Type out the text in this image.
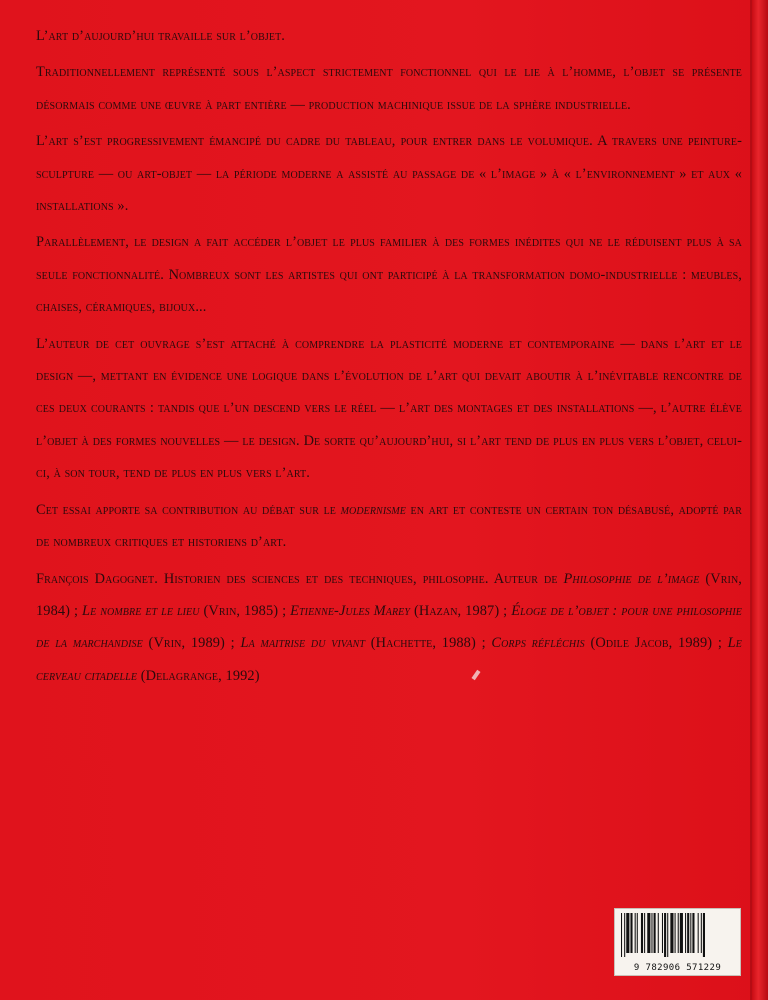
L’art d’aujourd’hui travaille sur l’objet.

Traditionnellement représenté sous l’aspect strictement fonctionnel qui le lie à l’homme, l’objet se présente désormais comme une œuvre à part entière — production machinique issue de la sphère industrielle.

L’art s’est progressivement émancipé du cadre du tableau, pour entrer dans le volumique. A travers une peinture-sculpture — ou art-objet — la période moderne a assisté au passage de « l’image » à « l’environnement » et aux « installations ».

Parallèlement, le design a fait accéder l’objet le plus familier à des formes inédites qui ne le réduisent plus à sa seule fonctionnalité. Nombreux sont les artistes qui ont participé à la transformation domo-industrielle : meubles, chaises, céramiques, bijoux...

L’auteur de cet ouvrage s’est attaché à comprendre la plasticité moderne et contemporaine — dans l’art et le design —, mettant en évidence une logique dans l’évolution de l’art qui devait aboutir à l’inévitable rencontre de ces deux courants : tandis que l’un descend vers le réel — l’art des montages et des installations —, l’autre élève l’objet à des formes nouvelles — le design. De sorte qu’aujourd’hui, si l’art tend de plus en plus vers l’objet, celui-ci, à son tour, tend de plus en plus vers l’art.

Cet essai apporte sa contribution au débat sur le modernisme en art et conteste un certain ton désabusé, adopté par de nombreux critiques et historiens d’art.

François Dagognet. Historien des sciences et des techniques, philosophe. Auteur de Philosophie de l’image (Vrin, 1984) ; Le nombre et le lieu (Vrin, 1985) ; Etienne-Jules Marey (Hazan, 1987) ; Éloge de l’objet : pour une philosophie de la marchandise (Vrin, 1989) ; La maitrise du vivant (Hachette, 1988) ; Corps réfléchis (Odile Jacob, 1989) ; Le cerveau citadelle (Delagrange, 1992)

9 782906 571229
